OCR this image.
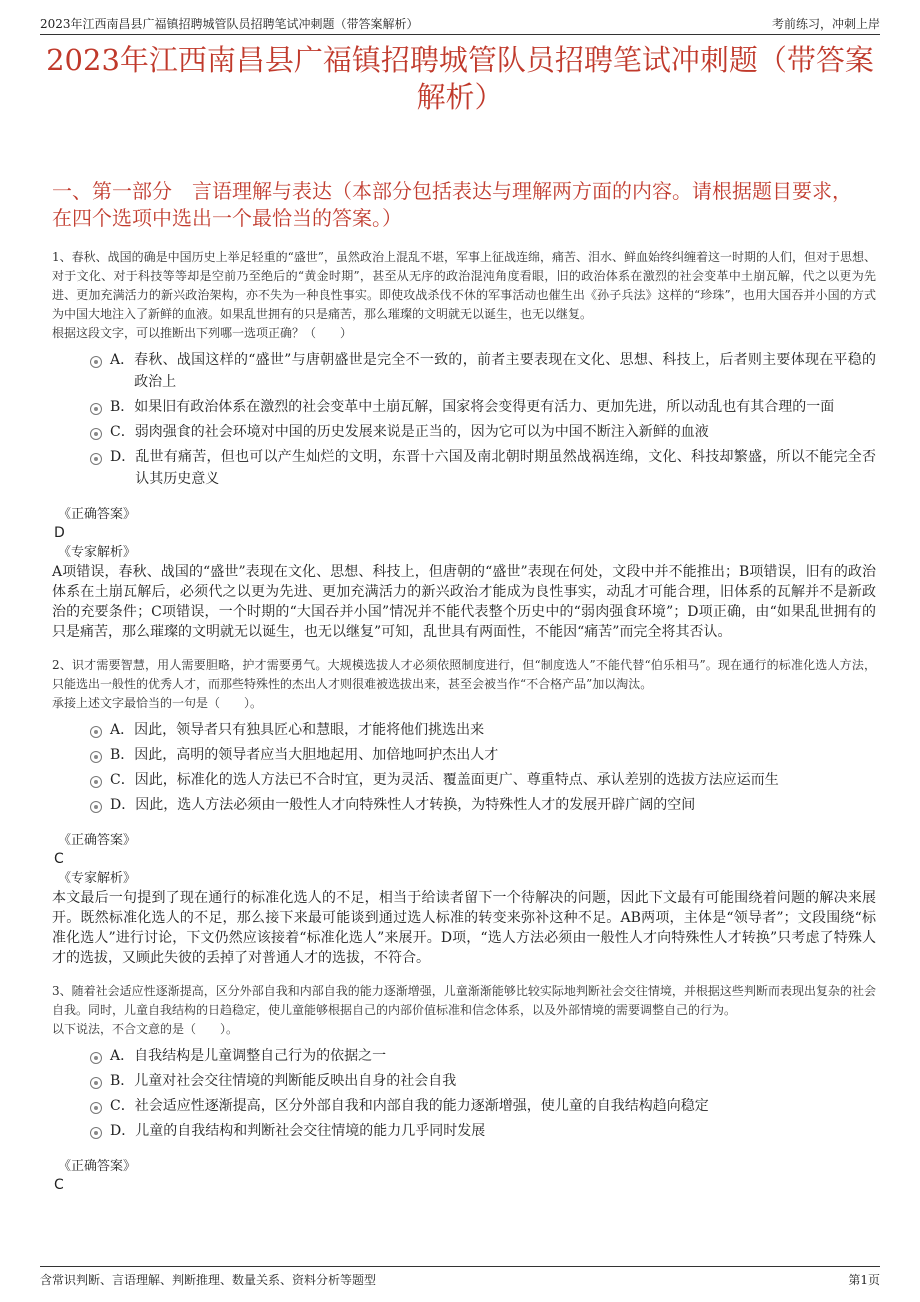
2023年江西南昌县广福镇招聘城管队员招聘笔试冲刺题（带答案解析）	考前练习，冲刺上岸
2023年江西南昌县广福镇招聘城管队员招聘笔试冲刺题（带答案解析）
一、第一部分　言语理解与表达（本部分包括表达与理解两方面的内容。请根据题目要求，在四个选项中选出一个最恰当的答案。）

1、春秋、战国的确是中国历史上举足轻重的“盛世”，虽然政治上混乱不堪，军事上征战连绵，痛苦、泪水、鲜血始终纠缠着这一时期的人们，但对于思想、对于文化、对于科技等等却是空前乃至绝后的“黄金时期”，甚至从无序的政治混沌角度看眼，旧的政治体系在激烈的社会变革中土崩瓦解，代之以更为先进、更加充满活力的新兴政治架构，亦不失为一种良性事实。即使攻战杀伐不休的军事活动也催生出《孙子兵法》这样的“珍珠”，也用大国吞并小国的方式为中国大地注入了新鲜的血液。如果乱世拥有的只是痛苦，那么璀璨的文明就无以诞生，也无以继复。

根据这段文字，可以推断出下列哪一选项正确？（　　）

A． 春秋、战国这样的“盛世”与唐朝盛世是完全不一致的，前者主要表现在文化、思想、科技上，后者则主要体现在平稳的政治上
B． 如果旧有政治体系在激烈的社会变革中土崩瓦解，国家将会变得更有活力、更加先进，所以动乱也有其合理的一面
C． 弱肉强食的社会环境对中国的历史发展来说是正当的，因为它可以为中国不断注入新鲜的血液
D． 乱世有痛苦，但也可以产生灿烂的文明，东晋十六国及南北朝时期虽然战祸连绵，文化、科技却繁盛，所以不能完全否认其历史意义
《正确答案》
D
《专家解析》
A项错误，春秋、战国的“盛世”表现在文化、思想、科技上，但唐朝的“盛世”表现在何处，文段中并不能推出；B项错误，旧有的政治体系在土崩瓦解后，必须代之以更为先进、更加充满活力的新兴政治才能成为良性事实，动乱才可能合理，旧体系的瓦解并不是新政治的充要条件；C项错误，一个时期的“大国吞并小国”情况并不能代表整个历史中的“弱肉强食环境”；D项正确，由“如果乱世拥有的只是痛苦，那么璀璨的文明就无以诞生，也无以继复”可知，乱世具有两面性，不能因“痛苦”而完全将其否认。

2、识才需要智慧，用人需要胆略，护才需要勇气。大规模选拔人才必须依照制度进行，但“制度选人”不能代替“伯乐相马”。现在通行的标准化选人方法，只能选出一般性的优秀人才，而那些特殊性的杰出人才则很难被选拔出来，甚至会被当作“不合格产品”加以淘汰。

承接上述文字最恰当的一句是（　　）。

A． 因此，领导者只有独具匠心和慧眼，才能将他们挑选出来
B． 因此，高明的领导者应当大胆地起用、加倍地呵护杰出人才
C． 因此，标准化的选人方法已不合时宜，更为灵活、覆盖面更广、尊重特点、承认差别的选拔方法应运而生
D． 因此，选人方法必须由一般性人才向特殊性人才转换，为特殊性人才的发展开辟广阔的空间
《正确答案》
C
《专家解析》
本文最后一句提到了现在通行的标准化选人的不足，相当于给读者留下一个待解决的问题，因此下文最有可能围绕着问题的解决来展开。既然标准化选人的不足，那么接下来最可能谈到通过选人标准的转变来弥补这种不足。AB两项，主体是“领导者”；文段围绕“标准化选人”进行讨论，下文仍然应该接着“标准化选人”来展开。D项，“选人方法必须由一般性人才向特殊性人才转换”只考虑了特殊人才的选拔，又顾此失彼的丢掉了对普通人才的选拔，不符合。

3、随着社会适应性逐渐提高，区分外部自我和内部自我的能力逐渐增强，儿童渐渐能够比较实际地判断社会交往情境，并根据这些判断而表现出复杂的社会自我。同时，儿童自我结构的日趋稳定，使儿童能够根据自己的内部价值标准和信念体系，以及外部情境的需要调整自己的行为。

以下说法，不合文意的是（　　）。

A． 自我结构是儿童调整自己行为的依据之一
B． 儿童对社会交往情境的判断能反映出自身的社会自我
C． 社会适应性逐渐提高，区分外部自我和内部自我的能力逐渐增强，使儿童的自我结构趋向稳定
D． 儿童的自我结构和判断社会交往情境的能力几乎同时发展
《正确答案》
C
含常识判断、言语理解、判断推理、数量关系、资料分析等题型	第1页
